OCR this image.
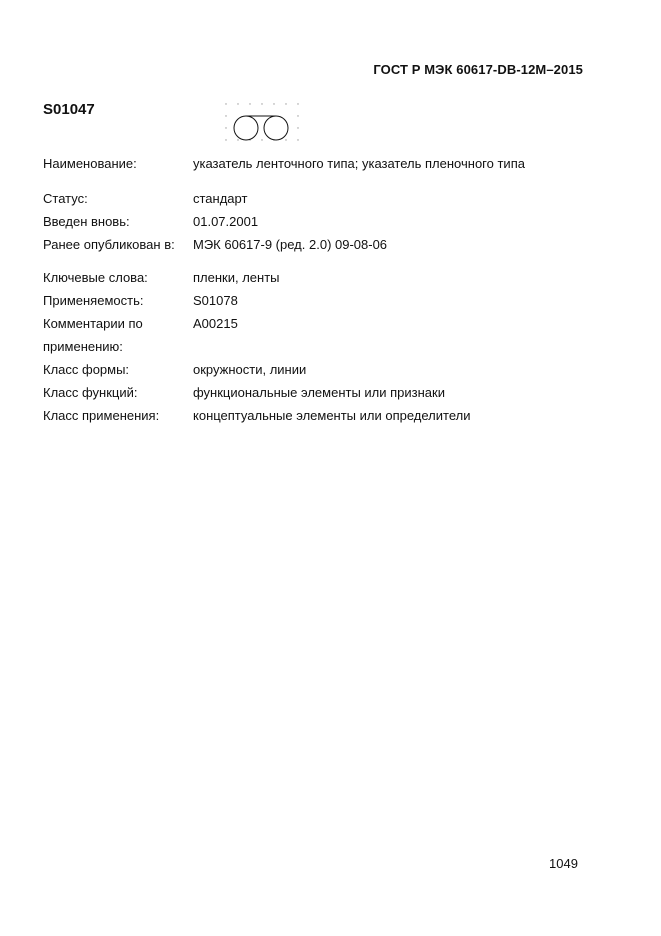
ГОСТ Р МЭК 60617-DB-12M–2015
S01047
Наименование:	указатель ленточного типа; указатель пленочного типа
Статус:	стандарт
Введен вновь:	01.07.2001
Ранее опубликован в: МЭК 60617-9 (ред. 2.0) 09-08-06
Ключевые слова:	пленки, ленты
Применяемость:	S01078
Комментарии по	A00215
применению:
Класс формы:	окружности, линии
Класс функций:	функциональные элементы или признаки
Класс применения:	концептуальные элементы или определители
1049
